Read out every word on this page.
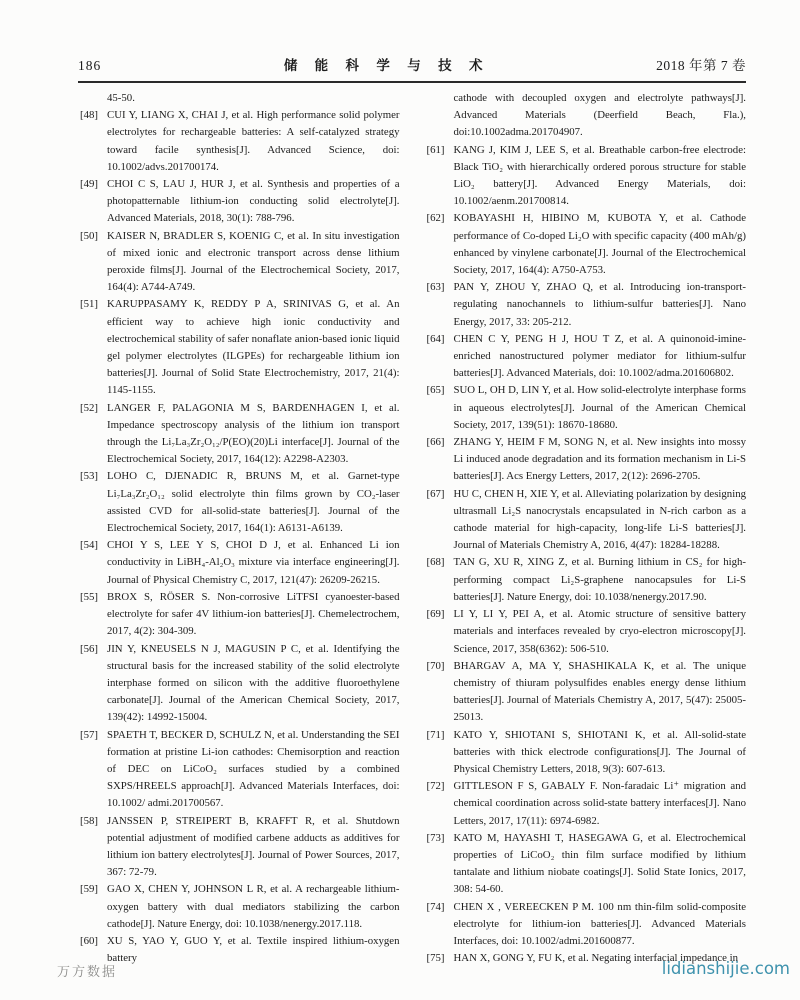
186	储 能 科 学 与 技 术	2018 年第 7 卷
45-50.
[48] CUI Y, LIANG X, CHAI J, et al. High performance solid polymer electrolytes for rechargeable batteries: A self-catalyzed strategy toward facile synthesis[J]. Advanced Science, doi: 10.1002/advs.201700174.
[49] CHOI C S, LAU J, HUR J, et al. Synthesis and properties of a photopatternable lithium-ion conducting solid electrolyte[J]. Advanced Materials, 2018, 30(1): 788-796.
[50] KAISER N, BRADLER S, KOENIG C, et al. In situ investigation of mixed ionic and electronic transport across dense lithium peroxide films[J]. Journal of the Electrochemical Society, 2017, 164(4): A744-A749.
[51] KARUPPASAMY K, REDDY P A, SRINIVAS G, et al. An efficient way to achieve high ionic conductivity and electrochemical stability of safer nonaflate anion-based ionic liquid gel polymer electrolytes (ILGPEs) for rechargeable lithium ion batteries[J]. Journal of Solid State Electrochemistry, 2017, 21(4): 1145-1155.
[52] LANGER F, PALAGONIA M S, BARDENHAGEN I, et al. Impedance spectroscopy analysis of the lithium ion transport through the Li₇La₃Zr₂O₁₂/P(EO)(20)Li interface[J]. Journal of the Electrochemical Society, 2017, 164(12): A2298-A2303.
[53] LOHO C, DJENADIC R, BRUNS M, et al. Garnet-type Li₇La₃Zr₂O₁₂ solid electrolyte thin films grown by CO₂-laser assisted CVD for all-solid-state batteries[J]. Journal of the Electrochemical Society, 2017, 164(1): A6131-A6139.
[54] CHOI Y S, LEE Y S, CHOI D J, et al. Enhanced Li ion conductivity in LiBH₄-Al₂O₃ mixture via interface engineering[J]. Journal of Physical Chemistry C, 2017, 121(47): 26209-26215.
[55] BROX S, RÖSER S. Non-corrosive LiTFSI cyanoester-based electrolyte for safer 4V lithium-ion batteries[J]. Chemelectrochem, 2017, 4(2): 304-309.
[56] JIN Y, KNEUSELS N J, MAGUSIN P C, et al. Identifying the structural basis for the increased stability of the solid electrolyte interphase formed on silicon with the additive fluoroethylene carbonate[J]. Journal of the American Chemical Society, 2017, 139(42): 14992-15004.
[57] SPAETH T, BECKER D, SCHULZ N, et al. Understanding the SEI formation at pristine Li-ion cathodes: Chemisorption and reaction of DEC on LiCoO₂ surfaces studied by a combined SXPS/HREELS approach[J]. Advanced Materials Interfaces, doi: 10.1002/ admi.201700567.
[58] JANSSEN P, STREIPERT B, KRAFFT R, et al. Shutdown potential adjustment of modified carbene adducts as additives for lithium ion battery electrolytes[J]. Journal of Power Sources, 2017, 367: 72-79.
[59] GAO X, CHEN Y, JOHNSON L R, et al. A rechargeable lithium-oxygen battery with dual mediators stabilizing the carbon cathode[J]. Nature Energy, doi: 10.1038/nenergy.2017.118.
[60] XU S, YAO Y, GUO Y, et al. Textile inspired lithium-oxygen battery
cathode with decoupled oxygen and electrolyte pathways[J]. Advanced Materials (Deerfield Beach, Fla.), doi:10.1002adma.201704907.
[61] KANG J, KIM J, LEE S, et al. Breathable carbon-free electrode: Black TiO₂ with hierarchically ordered porous structure for stable LiO₂ battery[J]. Advanced Energy Materials, doi: 10.1002/aenm.201700814.
[62] KOBAYASHI H, HIBINO M, KUBOTA Y, et al. Cathode performance of Co-doped Li₂O with specific capacity (400 mAh/g) enhanced by vinylene carbonate[J]. Journal of the Electrochemical Society, 2017, 164(4): A750-A753.
[63] PAN Y, ZHOU Y, ZHAO Q, et al. Introducing ion-transport-regulating nanochannels to lithium-sulfur batteries[J]. Nano Energy, 2017, 33: 205-212.
[64] CHEN C Y, PENG H J, HOU T Z, et al. A quinonoid-imine-enriched nanostructured polymer mediator for lithium-sulfur batteries[J]. Advanced Materials, doi: 10.1002/adma.201606802.
[65] SUO L, OH D, LIN Y, et al. How solid-electrolyte interphase forms in aqueous electrolytes[J]. Journal of the American Chemical Society, 2017, 139(51): 18670-18680.
[66] ZHANG Y, HEIM F M, SONG N, et al. New insights into mossy Li induced anode degradation and its formation mechanism in Li-S batteries[J]. Acs Energy Letters, 2017, 2(12): 2696-2705.
[67] HU C, CHEN H, XIE Y, et al. Alleviating polarization by designing ultrasmall Li₂S nanocrystals encapsulated in N-rich carbon as a cathode material for high-capacity, long-life Li-S batteries[J]. Journal of Materials Chemistry A, 2016, 4(47): 18284-18288.
[68] TAN G, XU R, XING Z, et al. Burning lithium in CS₂ for high-performing compact Li₂S-graphene nanocapsules for Li-S batteries[J]. Nature Energy, doi: 10.1038/nenergy.2017.90.
[69] LI Y, LI Y, PEI A, et al. Atomic structure of sensitive battery materials and interfaces revealed by cryo-electron microscopy[J]. Science, 2017, 358(6362): 506-510.
[70] BHARGAV A, MA Y, SHASHIKALA K, et al. The unique chemistry of thiuram polysulfides enables energy dense lithium batteries[J]. Journal of Materials Chemistry A, 2017, 5(47): 25005-25013.
[71] KATO Y, SHIOTANI S, SHIOTANI K, et al. All-solid-state batteries with thick electrode configurations[J]. The Journal of Physical Chemistry Letters, 2018, 9(3): 607-613.
[72] GITTLESON F S, GABALY F. Non-faradaic Li⁺ migration and chemical coordination across solid-state battery interfaces[J]. Nano Letters, 2017, 17(11): 6974-6982.
[73] KATO M, HAYASHI T, HASEGAWA G, et al. Electrochemical properties of LiCoO₂ thin film surface modified by lithium tantalate and lithium niobate coatings[J]. Solid State Ionics, 2017, 308: 54-60.
[74] CHEN X , VEREECKEN P M. 100 nm thin-film solid-composite electrolyte for lithium-ion batteries[J]. Advanced Materials Interfaces, doi: 10.1002/admi.201600877.
[75] HAN X, GONG Y, FU K, et al. Negating interfacial impedance in
万方数据	lidianshijie.com
